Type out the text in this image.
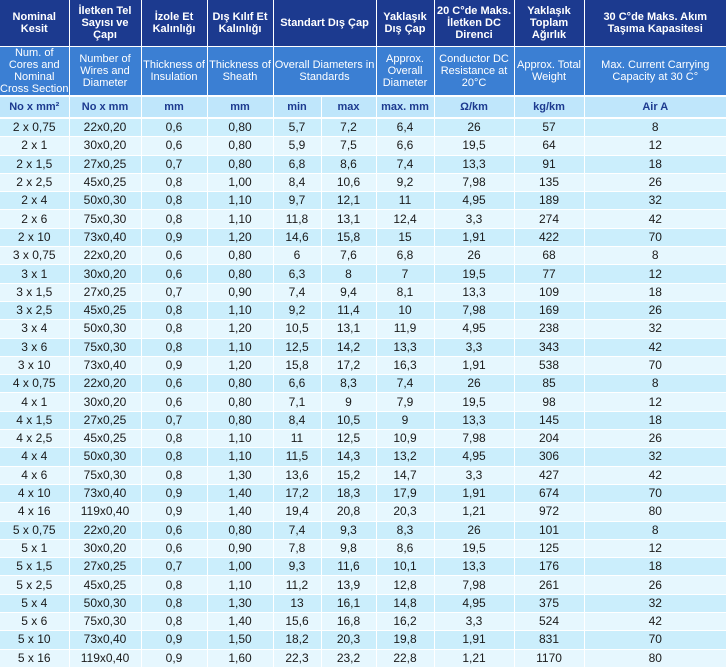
Nominal Kesit	İletken Tel Sayısı ve Çapı	İzole Et Kalınlığı	Dış Kılıf Et Kalınlığı	Standart Dış Çap		Yaklaşık Dış Çap	20 C°de Maks. İletken DC Direnci	Yaklaşık Toplam Ağırlık	30 C°de Maks. Akım Taşıma Kapasitesi
Num. of Cores and Nominal Cross Section	Number of Wires and Diameter	Thickness of Insulation	Thickness of Sheath	Overall Diameters in Standards		Approx. Overall Diameter	Conductor DC Resistance at 20°C	Approx. Total Weight	Max. Current Carrying Capacity at 30 C°
No x mm²	No x mm	mm	mm	min	max	max. mm	Ω/km	kg/km	Air A
2 x 0,75	22x0,20	0,6	0,80	5,7	7,2	6,4	26	57	8
2 x 1	30x0,20	0,6	0,80	5,9	7,5	6,6	19,5	64	12
2 x 1,5	27x0,25	0,7	0,80	6,8	8,6	7,4	13,3	91	18
2 x 2,5	45x0,25	0,8	1,00	8,4	10,6	9,2	7,98	135	26
2 x 4	50x0,30	0,8	1,10	9,7	12,1	11	4,95	189	32
2 x 6	75x0,30	0,8	1,10	11,8	13,1	12,4	3,3	274	42
2 x 10	73x0,40	0,9	1,20	14,6	15,8	15	1,91	422	70
3 x 0,75	22x0,20	0,6	0,80	6	7,6	6,8	26	68	8
3 x 1	30x0,20	0,6	0,80	6,3	8	7	19,5	77	12
3 x 1,5	27x0,25	0,7	0,90	7,4	9,4	8,1	13,3	109	18
3 x 2,5	45x0,25	0,8	1,10	9,2	11,4	10	7,98	169	26
3 x 4	50x0,30	0,8	1,20	10,5	13,1	11,9	4,95	238	32
3 x 6	75x0,30	0,8	1,10	12,5	14,2	13,3	3,3	343	42
3 x 10	73x0,40	0,9	1,20	15,8	17,2	16,3	1,91	538	70
4 x 0,75	22x0,20	0,6	0,80	6,6	8,3	7,4	26	85	8
4 x 1	30x0,20	0,6	0,80	7,1	9	7,9	19,5	98	12
4 x 1,5	27x0,25	0,7	0,80	8,4	10,5	9	13,3	145	18
4 x 2,5	45x0,25	0,8	1,10	11	12,5	10,9	7,98	204	26
4 x 4	50x0,30	0,8	1,10	11,5	14,3	13,2	4,95	306	32
4 x 6	75x0,30	0,8	1,30	13,6	15,2	14,7	3,3	427	42
4 x 10	73x0,40	0,9	1,40	17,2	18,3	17,9	1,91	674	70
4 x 16	119x0,40	0,9	1,40	19,4	20,8	20,3	1,21	972	80
5 x 0,75	22x0,20	0,6	0,80	7,4	9,3	8,3	26	101	8
5 x 1	30x0,20	0,6	0,90	7,8	9,8	8,6	19,5	125	12
5 x 1,5	27x0,25	0,7	1,00	9,3	11,6	10,1	13,3	176	18
5 x 2,5	45x0,25	0,8	1,10	11,2	13,9	12,8	7,98	261	26
5 x 4	50x0,30	0,8	1,30	13	16,1	14,8	4,95	375	32
5 x 6	75x0,30	0,8	1,40	15,6	16,8	16,2	3,3	524	42
5 x 10	73x0,40	0,9	1,50	18,2	20,3	19,8	1,91	831	70
5 x 16	119x0,40	0,9	1,60	22,3	23,2	22,8	1,21	1170	80
